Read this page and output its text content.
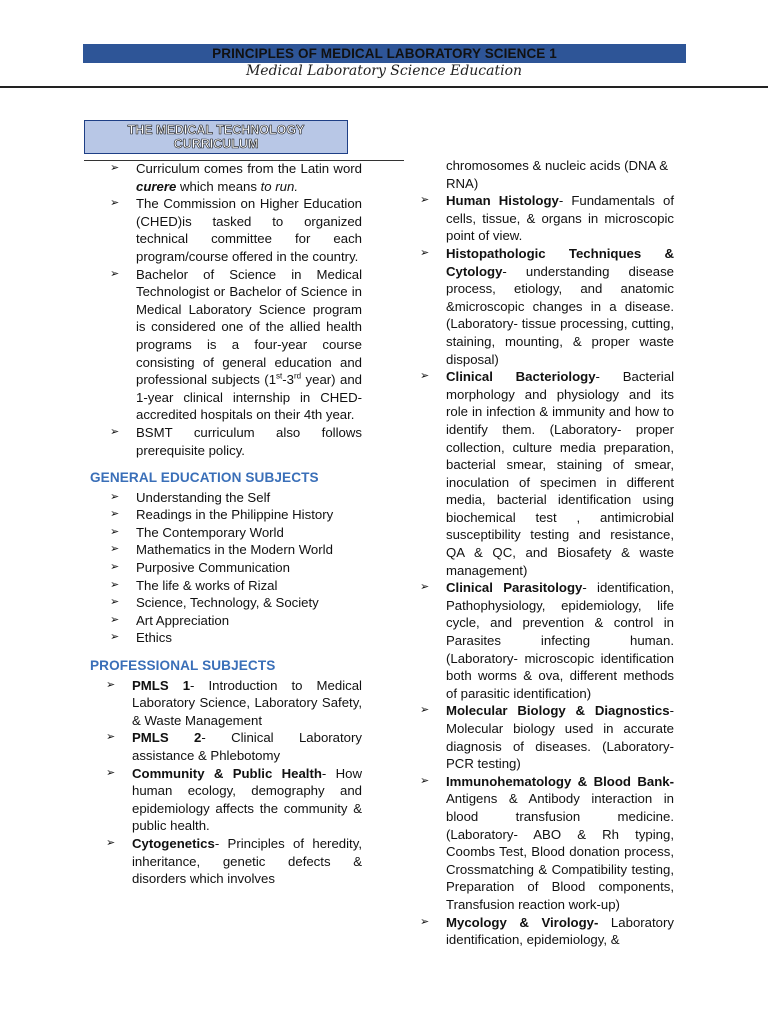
PRINCIPLES OF MEDICAL LABORATORY SCIENCE 1
Medical Laboratory Science Education
THE MEDICAL TECHNOLOGY CURRICULUM
➢ Curriculum comes from the Latin word curere which means to run.
➢ The Commission on Higher Education (CHED)is tasked to organized technical committee for each program/course offered in the country.
➢ Bachelor of Science in Medical Technologist or Bachelor of Science in Medical Laboratory Science program is considered one of the allied health programs is a four-year course consisting of general education and professional subjects (1st-3rd year) and 1-year clinical internship in CHED-accredited hospitals on their 4th year.
➢ BSMT curriculum also follows prerequisite policy.
GENERAL EDUCATION SUBJECTS
➢ Understanding the Self
➢ Readings in the Philippine History
➢ The Contemporary World
➢ Mathematics in the Modern World
➢ Purposive Communication
➢ The life & works of Rizal
➢ Science, Technology, & Society
➢ Art Appreciation
➢ Ethics
PROFESSIONAL SUBJECTS
➢ PMLS 1- Introduction to Medical Laboratory Science, Laboratory Safety, & Waste Management
➢ PMLS 2- Clinical Laboratory assistance & Phlebotomy
➢ Community & Public Health- How human ecology, demography and epidemiology affects the community & public health.
➢ Cytogenetics- Principles of heredity, inheritance, genetic defects & disorders which involves
chromosomes & nucleic acids (DNA & RNA)
➢ Human Histology- Fundamentals of cells, tissue, & organs in microscopic point of view.
➢ Histopathologic Techniques & Cytology- understanding disease process, etiology, and anatomic &microscopic changes in a disease. (Laboratory- tissue processing, cutting, staining, mounting, & proper waste disposal)
➢ Clinical Bacteriology- Bacterial morphology and physiology and its role in infection & immunity and how to identify them. (Laboratory- proper collection, culture media preparation, bacterial smear, staining of smear, inoculation of specimen in different media, bacterial identification using biochemical test , antimicrobial susceptibility testing and resistance, QA & QC, and Biosafety & waste management)
➢ Clinical Parasitology- identification, Pathophysiology, epidemiology, life cycle, and prevention & control in Parasites infecting human. (Laboratory- microscopic identification both worms & ova, different methods of parasitic identification)
➢ Molecular Biology & Diagnostics- Molecular biology used in accurate diagnosis of diseases. (Laboratory- PCR testing)
➢ Immunohematology & Blood Bank- Antigens & Antibody interaction in blood transfusion medicine. (Laboratory- ABO & Rh typing, Coombs Test, Blood donation process, Crossmatching & Compatibility testing, Preparation of Blood components, Transfusion reaction work-up)
➢ Mycology & Virology- Laboratory identification, epidemiology, &
